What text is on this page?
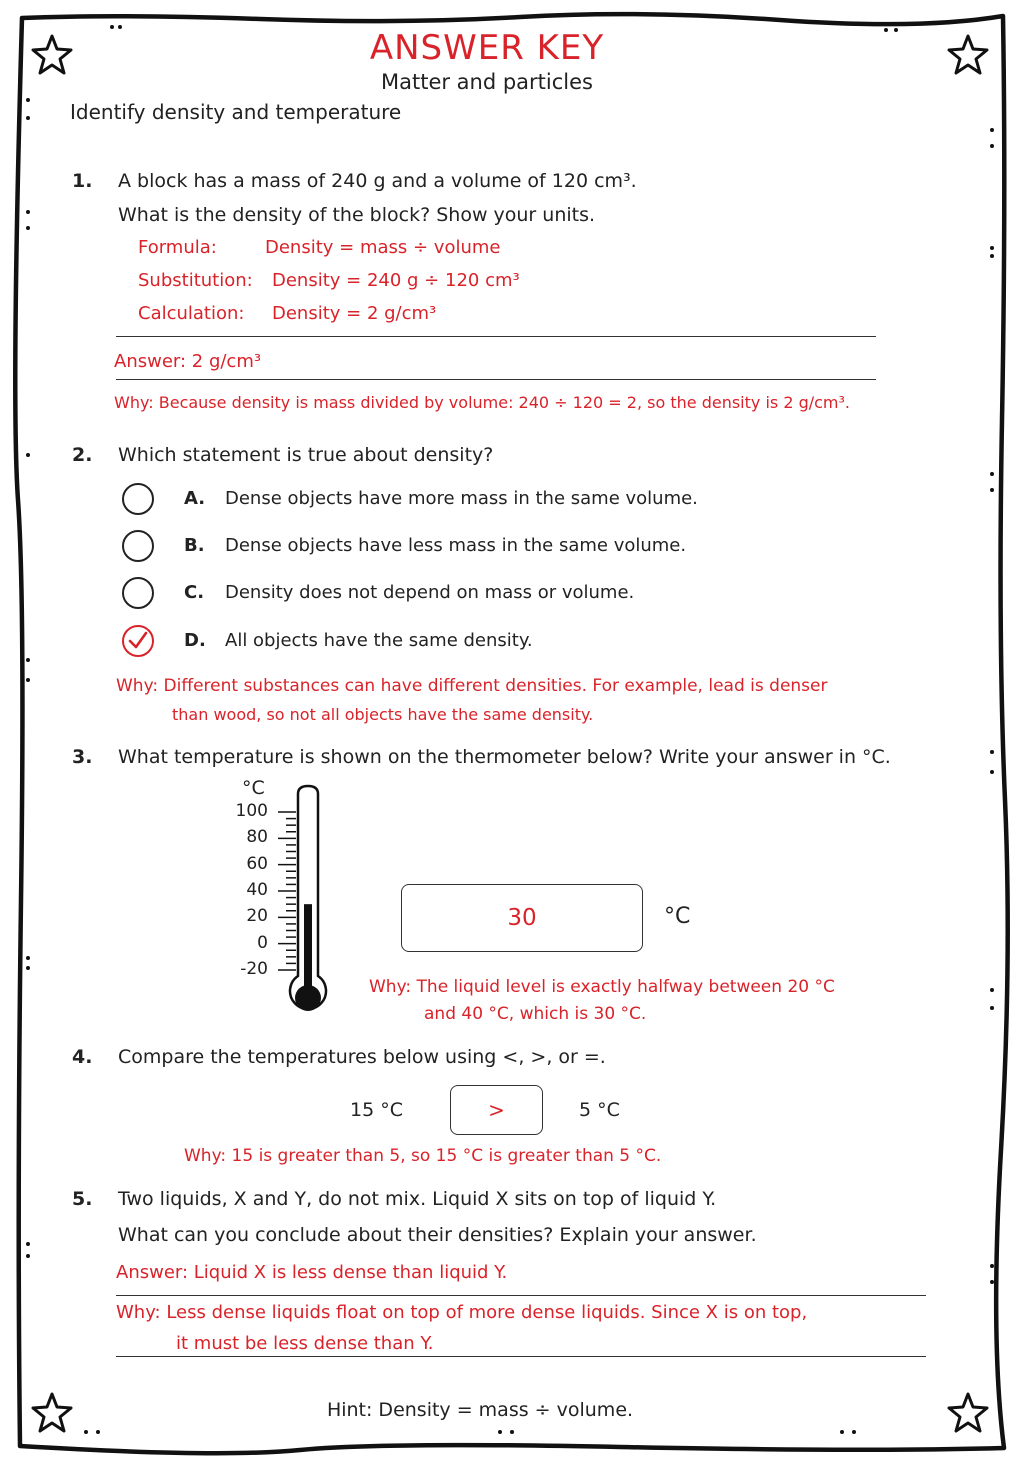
ANSWER KEY
Matter and particles
Identify density and temperature
1. A block has a mass of 240 g and a volume of 120 cm³.
What is the density of the block? Show your units.
Formula:	Density = mass ÷ volume
Substitution: Density = 240 g ÷ 120 cm³
Calculation: Density = 2 g/cm³
Answer: 2 g/cm³
Why: Because density is mass divided by volume: 240 ÷ 120 = 2, so the density is 2 g/cm³.
2. Which statement is true about density?
A. Dense objects have more mass in the same volume.
B. Dense objects have less mass in the same volume.
C. Density does not depend on mass or volume.
D. All objects have the same density.
Why: Different substances can have different densities. For example, lead is denser
than wood, so not all objects have the same density.
3. What temperature is shown on the thermometer below? Write your answer in °C.
°C
100
80
60
40
20
0
-20
30	°C
Why: The liquid level is exactly halfway between 20 °C
and 40 °C, which is 30 °C.
4. Compare the temperatures below using <, >, or =.
15 °C	>	5 °C
Why: 15 is greater than 5, so 15 °C is greater than 5 °C.
5. Two liquids, X and Y, do not mix. Liquid X sits on top of liquid Y.
What can you conclude about their densities? Explain your answer.
Answer: Liquid X is less dense than liquid Y.
Why: Less dense liquids float on top of more dense liquids. Since X is on top,
it must be less dense than Y.
Hint: Density = mass ÷ volume.
